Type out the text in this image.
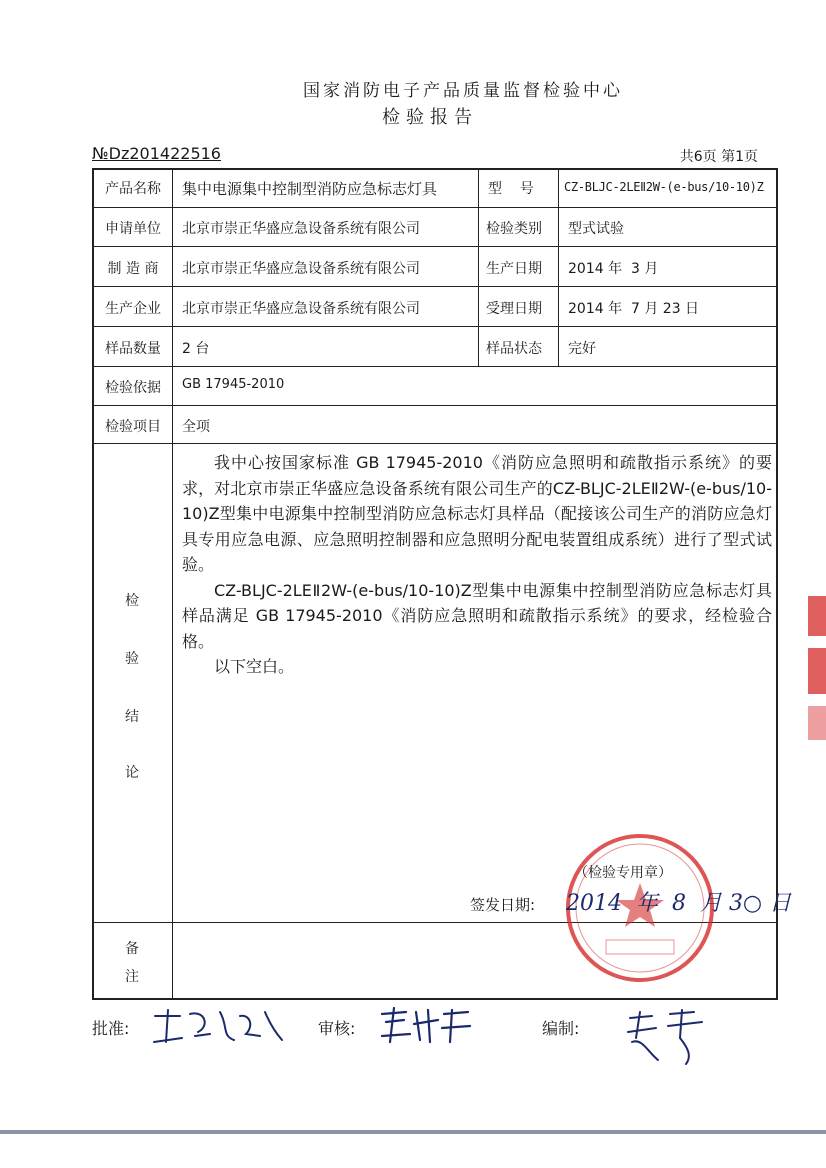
国家消防电子产品质量监督检验中心
检验报告
№Dz201422516	共6页 第1页
产品名称	集中电源集中控制型消防应急标志灯具	型    号	CZ-BLJC-2LEⅡ2W-(e-bus/10-10)Z
申请单位	北京市崇正华盛应急设备系统有限公司	检验类别 型式试验
制 造 商	北京市崇正华盛应急设备系统有限公司	生产日期 2014 年  3 月
生产企业	北京市崇正华盛应急设备系统有限公司	受理日期 2014 年  7 月 23 日
样品数量	2 台	样品状态 完好
检验依据	GB 17945-2010
检验项目	全项
检
验
结
论

我中心按国家标准 GB 17945-2010《消防应急照明和疏散指示系统》的要求，对北京市崇正华盛应急设备系统有限公司生产的CZ-BLJC-2LEⅡ2W-(e-bus/10-10)Z型集中电源集中控制型消防应急标志灯具样品（配接该公司生产的消防应急灯具专用应急电源、应急照明控制器和应急照明分配电装置组成系统）进行了型式试验。

CZ-BLJC-2LEⅡ2W-(e-bus/10-10)Z型集中电源集中控制型消防应急标志灯具样品满足 GB 17945-2010《消防应急照明和疏散指示系统》的要求，经检验合格。

以下空白。

（检验专用章）
签发日期: 2014  年  8  月 3○ 日
备
注
批准:	审核:	编制:
